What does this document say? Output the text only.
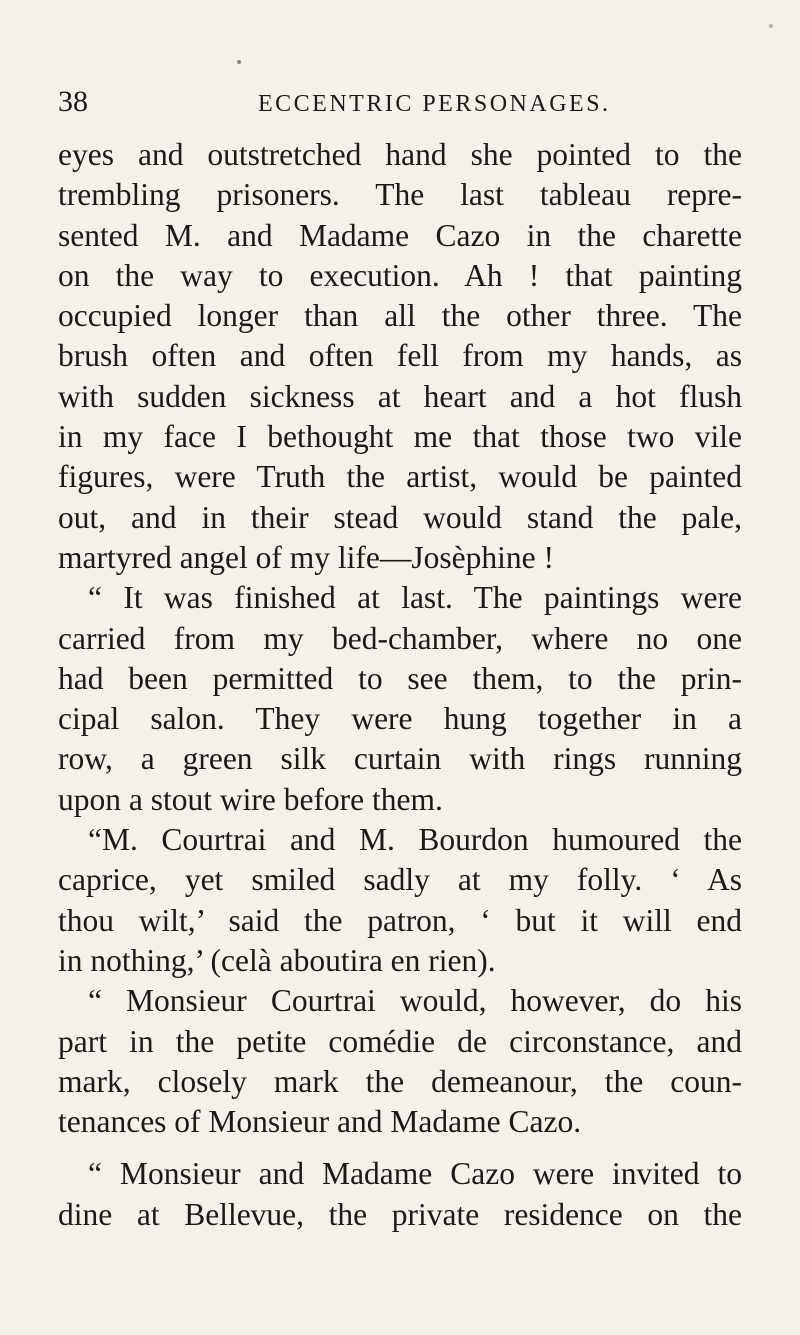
38	ECCENTRIC PERSONAGES.
eyes and outstretched hand she pointed to the
trembling prisoners. The last tableau repre-
sented M. and Madame Cazo in the charette
on the way to execution. Ah ! that painting
occupied longer than all the other three. The
brush often and often fell from my hands, as
with sudden sickness at heart and a hot flush
in my face I bethought me that those two vile
figures, were Truth the artist, would be painted
out, and in their stead would stand the pale,
martyred angel of my life—Josèphine !
“ It was finished at last. The paintings were
carried from my bed-chamber, where no one
had been permitted to see them, to the prin-
cipal salon. They were hung together in a
row, a green silk curtain with rings running
upon a stout wire before them.
“M. Courtrai and M. Bourdon humoured the
caprice, yet smiled sadly at my folly. ‘ As
thou wilt,’ said the patron, ‘ but it will end
in nothing,’ (celà aboutira en rien).
“ Monsieur Courtrai would, however, do his
part in the petite comédie de circonstance, and
mark, closely mark the demeanour, the coun-
tenances of Monsieur and Madame Cazo.
“ Monsieur and Madame Cazo were invited to
dine at Bellevue, the private residence on the
